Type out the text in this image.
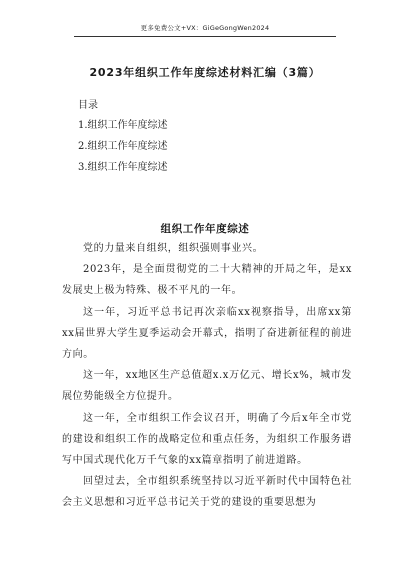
更多免费公文+VX：GiGeGongWen2024
2023年组织工作年度综述材料汇编（3篇）
目录
1.组织工作年度综述
2.组织工作年度综述
3.组织工作年度综述
组织工作年度综述

党的力量来自组织，组织强则事业兴。

2023年，是全面贯彻党的二十大精神的开局之年，是xx发展史上极为特殊、极不平凡的一年。

这一年，习近平总书记再次亲临xx视察指导，出席xx第xx届世界大学生夏季运动会开幕式，指明了奋进新征程的前进方向。

这一年，xx地区生产总值超x.x万亿元、增长x%，城市发展位势能级全方位提升。

这一年，全市组织工作会议召开，明确了今后x年全市党的建设和组织工作的战略定位和重点任务，为组织工作服务谱写中国式现代化万千气象的xx篇章指明了前进道路。

回望过去，全市组织系统坚持以习近平新时代中国特色社会主义思想和习近平总书记关于党的建设的重要思想为
